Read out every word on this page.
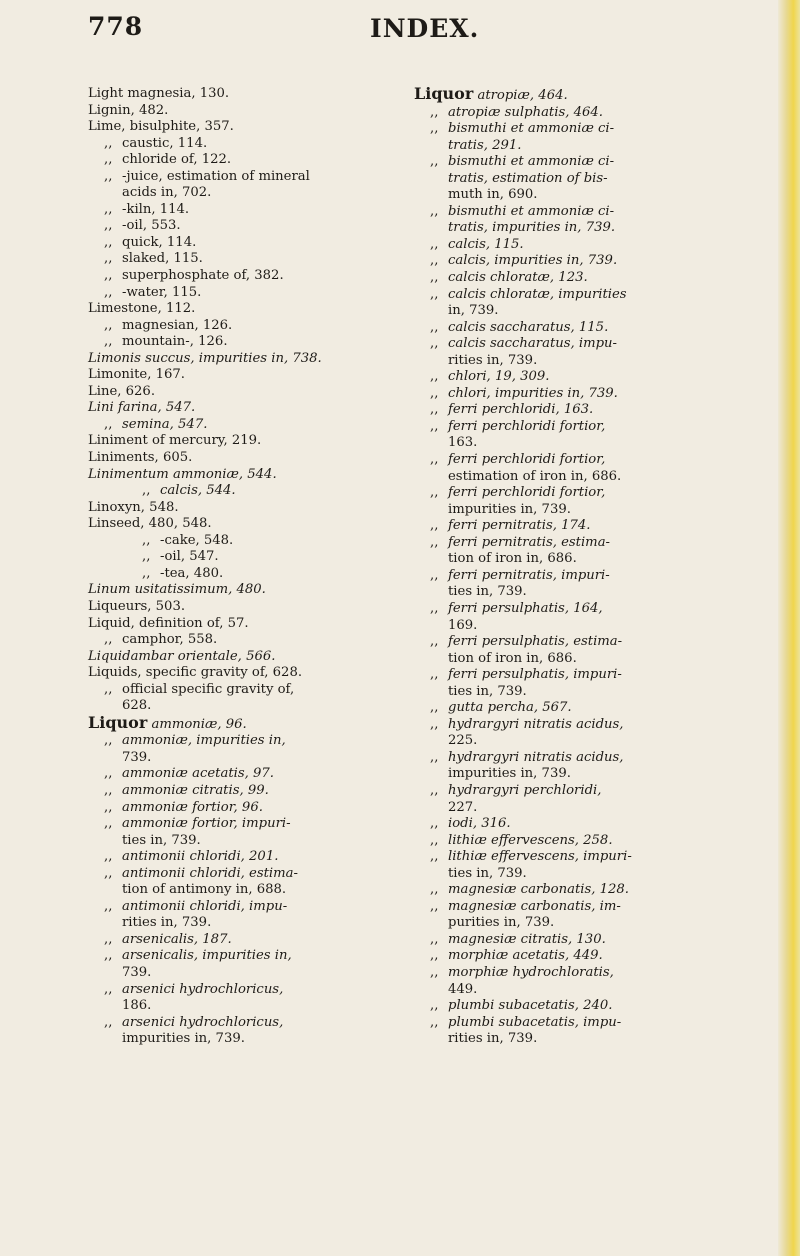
778	INDEX.

Light magnesia, 130.

Lignin, 482.

Lime, bisulphite, 357.

,, caustic, 114.

,, chloride of, 122.

,, -juice, estimation of mineral

acids in, 702.

,, -kiln, 114.

,, -oil, 553.

,, quick, 114.

,, slaked, 115.

,, superphosphate of, 382.

,, -water, 115.

Limestone, 112.

,, magnesian, 126.

,, mountain-, 126.

Limonis succus, impurities in, 738.

Limonite, 167.

Line, 626.

Lini farina, 547.

,, semina, 547.

Liniment of mercury, 219.

Liniments, 605.

Linimentum ammoniæ, 544.

,, calcis, 544.

Linoxyn, 548.

Linseed, 480, 548.

,, -cake, 548.

,, -oil, 547.

,, -tea, 480.

Linum usitatissimum, 480.

Liqueurs, 503.

Liquid, definition of, 57.

,, camphor, 558.

Liquidambar orientale, 566.

Liquids, specific gravity of, 628.

,, official specific gravity of,

628.

Liquor ammoniæ, 96.

,, ammoniæ, impurities in,

739.

,, ammoniæ acetatis, 97.

,, ammoniæ citratis, 99.

,, ammoniæ fortior, 96.

,, ammoniæ fortior, impuri-

ties in, 739.

,, antimonii chloridi, 201.

,, antimonii chloridi, estima-

tion of antimony in, 688.

,, antimonii chloridi, impu-

rities in, 739.

,, arsenicalis, 187.

,, arsenicalis, impurities in,

739.

,, arsenici hydrochloricus,

186.

,, arsenici hydrochloricus,

impurities in, 739.

Liquor atropiæ, 464.

,, atropiæ sulphatis, 464.

,, bismuthi et ammoniæ ci-

tratis, 291.

,, bismuthi et ammoniæ ci-

tratis, estimation of bis-

muth in, 690.

,, bismuthi et ammoniæ ci-

tratis, impurities in, 739.

,, calcis, 115.

,, calcis, impurities in, 739.

,, calcis chloratæ, 123.

,, calcis chloratæ, impurities

in, 739.

,, calcis saccharatus, 115.

,, calcis saccharatus, impu-

rities in, 739.

,, chlori, 19, 309.

,, chlori, impurities in, 739.

,, ferri perchloridi, 163.

,, ferri perchloridi fortior,

163.

,, ferri perchloridi fortior,

estimation of iron in, 686.

,, ferri perchloridi fortior,

impurities in, 739.

,, ferri pernitratis, 174.

,, ferri pernitratis, estima-

tion of iron in, 686.

,, ferri pernitratis, impuri-

ties in, 739.

,, ferri persulphatis, 164,

169.

,, ferri persulphatis, estima-

tion of iron in, 686.

,, ferri persulphatis, impuri-

ties in, 739.

,, gutta percha, 567.

,, hydrargyri nitratis acidus,

225.

,, hydrargyri nitratis acidus,

impurities in, 739.

,, hydrargyri perchloridi,

227.

,, iodi, 316.

,, lithiæ effervescens, 258.

,, lithiæ effervescens, impuri-

ties in, 739.

,, magnesiæ carbonatis, 128.

,, magnesiæ carbonatis, im-

purities in, 739.

,, magnesiæ citratis, 130.

,, morphiæ acetatis, 449.

,, morphiæ hydrochloratis,

449.

,, plumbi subacetatis, 240.

,, plumbi subacetatis, impu-

rities in, 739.
